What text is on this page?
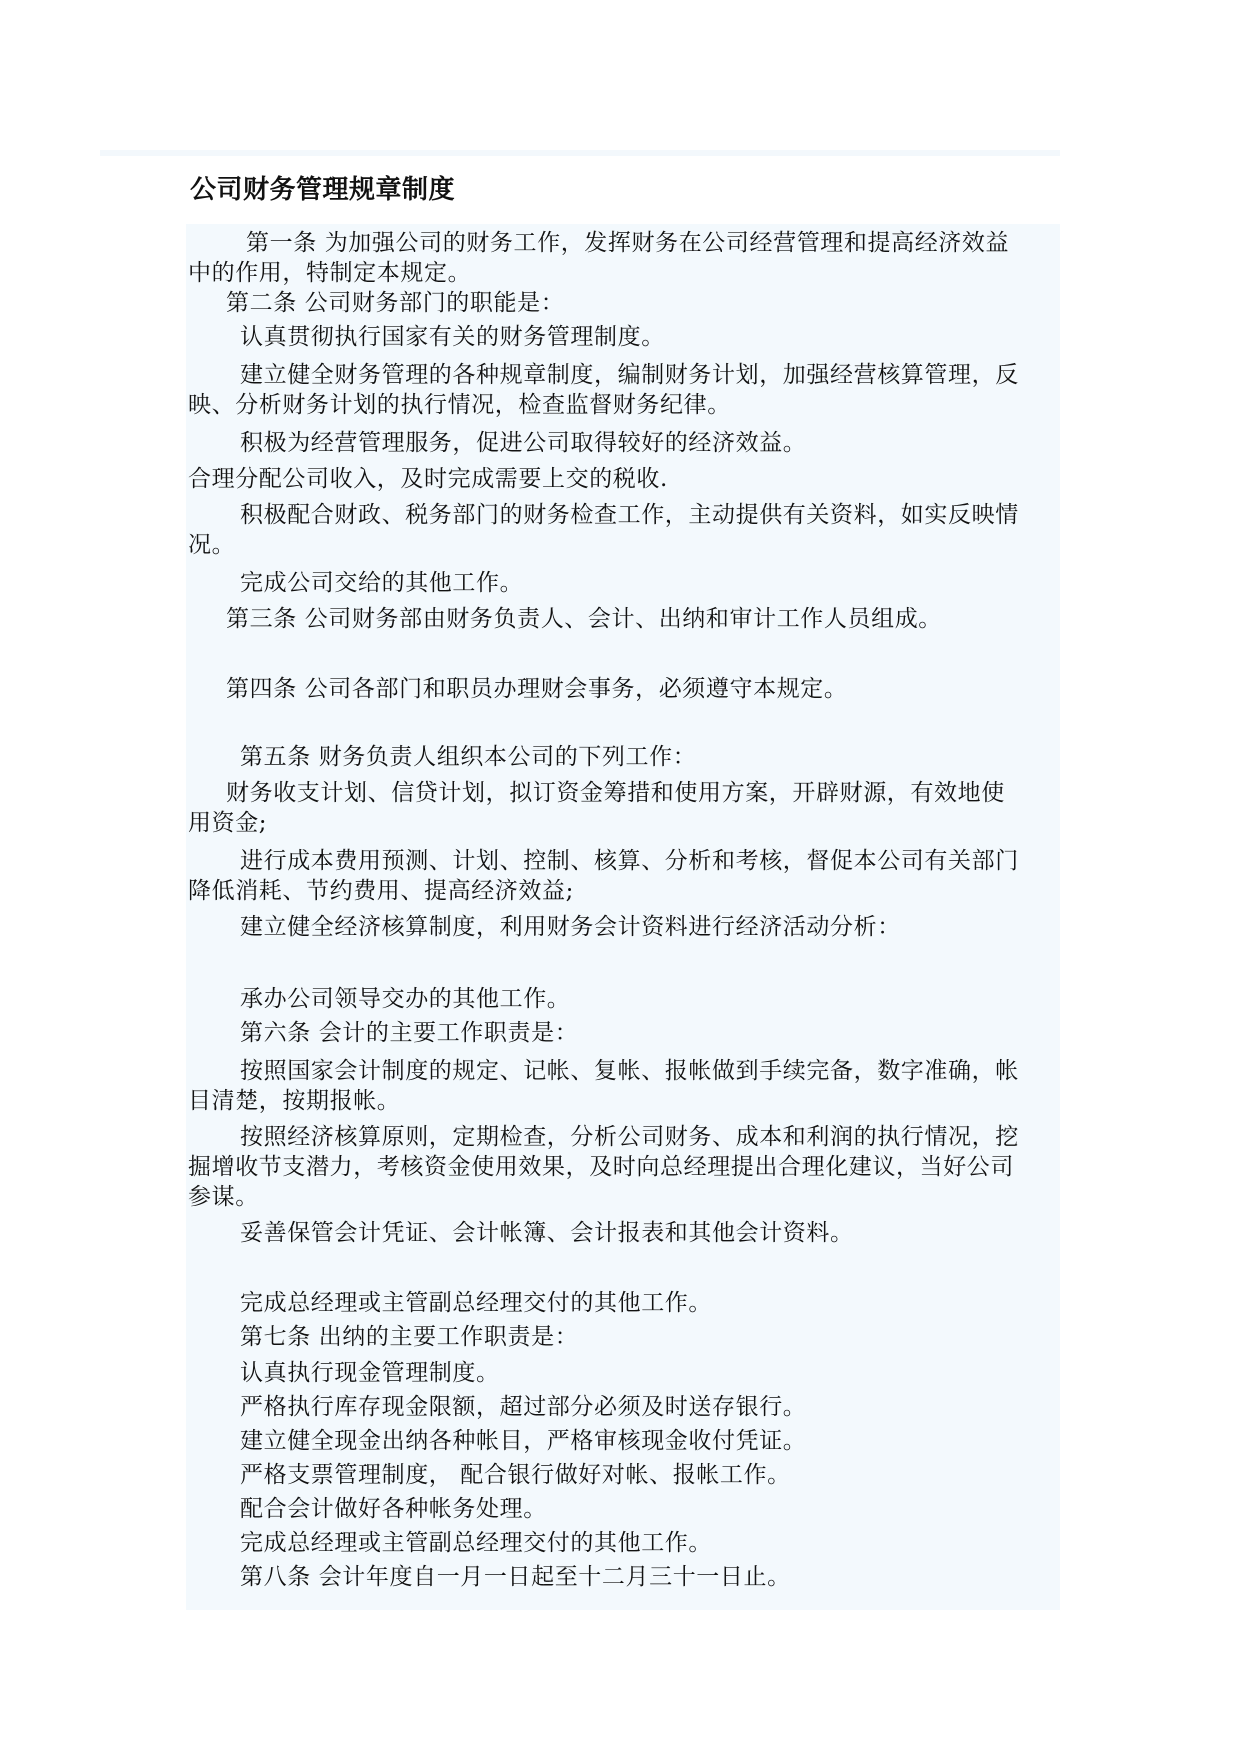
公司财务管理规章制度
第一条 为加强公司的财务工作，发挥财务在公司经营管理和提高经济效益
中的作用，特制定本规定。
第二条 公司财务部门的职能是：
认真贯彻执行国家有关的财务管理制度。
建立健全财务管理的各种规章制度，编制财务计划，加强经营核算管理，反
映、分析财务计划的执行情况，检查监督财务纪律。
积极为经营管理服务，促进公司取得较好的经济效益。
合理分配公司收入，及时完成需要上交的税收.
积极配合财政、税务部门的财务检查工作，主动提供有关资料，如实反映情
况。
完成公司交给的其他工作。
第三条 公司财务部由财务负责人、会计、出纳和审计工作人员组成。
第四条 公司各部门和职员办理财会事务，必须遵守本规定。
第五条 财务负责人组织本公司的下列工作：
财务收支计划、信贷计划，拟订资金筹措和使用方案，开辟财源，有效地使
用资金;
进行成本费用预测、计划、控制、核算、分析和考核，督促本公司有关部门
降低消耗、节约费用、提高经济效益;
建立健全经济核算制度，利用财务会计资料进行经济活动分析：
承办公司领导交办的其他工作。
第六条 会计的主要工作职责是：
按照国家会计制度的规定、记帐、复帐、报帐做到手续完备，数字准确，帐
目清楚，按期报帐。
按照经济核算原则，定期检查，分析公司财务、成本和利润的执行情况，挖
掘增收节支潜力，考核资金使用效果，及时向总经理提出合理化建议，当好公司
参谋。
妥善保管会计凭证、会计帐簿、会计报表和其他会计资料。
完成总经理或主管副总经理交付的其他工作。
第七条 出纳的主要工作职责是：
认真执行现金管理制度。
严格执行库存现金限额，超过部分必须及时送存银行。
建立健全现金出纳各种帐目，严格审核现金收付凭证。
严格支票管理制度， 配合银行做好对帐、报帐工作。
配合会计做好各种帐务处理。
完成总经理或主管副总经理交付的其他工作。
第八条 会计年度自一月一日起至十二月三十一日止。
